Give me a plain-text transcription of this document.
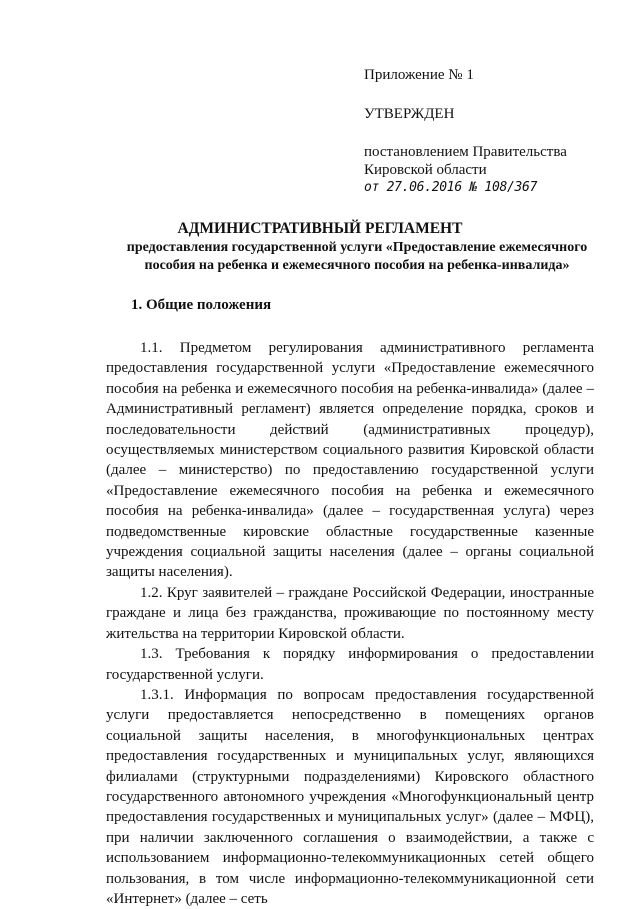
Приложение № 1
УТВЕРЖДЕН
постановлением Правительства
Кировской области
от 27.06.2016 № 108/367
АДМИНИСТРАТИВНЫЙ РЕГЛАМЕНТ
предоставления государственной услуги «Предоставление ежемесячного пособия на ребенка и ежемесячного пособия на ребенка-инвалида»
1. Общие положения

1.1. Предметом регулирования административного регламента предоставления государственной услуги «Предоставление ежемесячного пособия на ребенка и ежемесячного пособия на ребенка-инвалида» (далее – Административный регламент) является определение порядка, сроков и последовательности действий (административных процедур), осуществляемых министерством социального развития Кировской области (далее – министерство) по предоставлению государственной услуги «Предоставление ежемесячного пособия на ребенка и ежемесячного пособия на ребенка-инвалида» (далее – государственная услуга) через подведомственные кировские областные государственные казенные учреждения социальной защиты населения (далее – органы социальной защиты населения).

1.2. Круг заявителей – граждане Российской Федерации, иностранные граждане и лица без гражданства, проживающие по постоянному месту жительства на территории Кировской области.

1.3. Требования к порядку информирования о предоставлении государственной услуги.

1.3.1. Информация по вопросам предоставления государственной услуги предоставляется непосредственно в помещениях органов социальной защиты населения, в многофункциональных центрах предоставления государственных и муниципальных услуг, являющихся филиалами (структурными подразделениями) Кировского областного государственного автономного учреждения «Многофункциональный центр предоставления государственных и муниципальных услуг» (далее – МФЦ), при наличии заключенного соглашения о взаимодействии, а также с использованием информационно-телекоммуникационных сетей общего пользования, в том числе информационно-телекоммуникационной сети «Интернет» (далее – сеть
